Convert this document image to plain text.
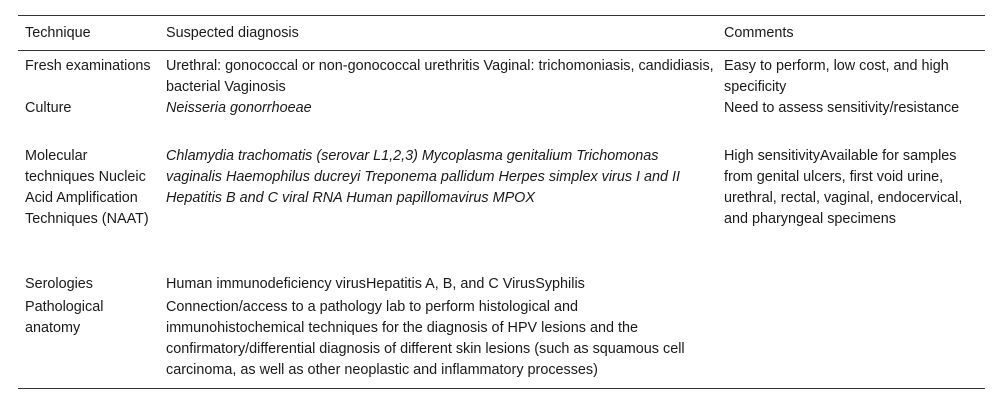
Technique	Suspected diagnosis	Comments
Fresh examinations	Urethral: gonococcal or non-gonococcal urethritis Vaginal: trichomoniasis, candidiasis, bacterial Vaginosis	Easy to perform, low cost, and high specificity
Culture	Neisseria gonorrhoeae	Need to assess sensitivity/resistance
Molecular techniques Nucleic Acid Amplification Techniques (NAAT)	Chlamydia trachomatis (serovar L1,2,3) Mycoplasma genitalium Trichomonas vaginalis Haemophilus ducreyi Treponema pallidum Herpes simplex virus I and II Hepatitis B and C viral RNA Human papillomavirus MPOX	High sensitivityAvailable for samples from genital ulcers, first void urine, urethral, rectal, vaginal, endocervical, and pharyngeal specimens
Serologies	Human immunodeficiency virusHepatitis A, B, and C VirusSyphilis	
Pathological anatomy	Connection/access to a pathology lab to perform histological and immunohistochemical techniques for the diagnosis of HPV lesions and the confirmatory/differential diagnosis of different skin lesions (such as squamous cell carcinoma, as well as other neoplastic and inflammatory processes)	
